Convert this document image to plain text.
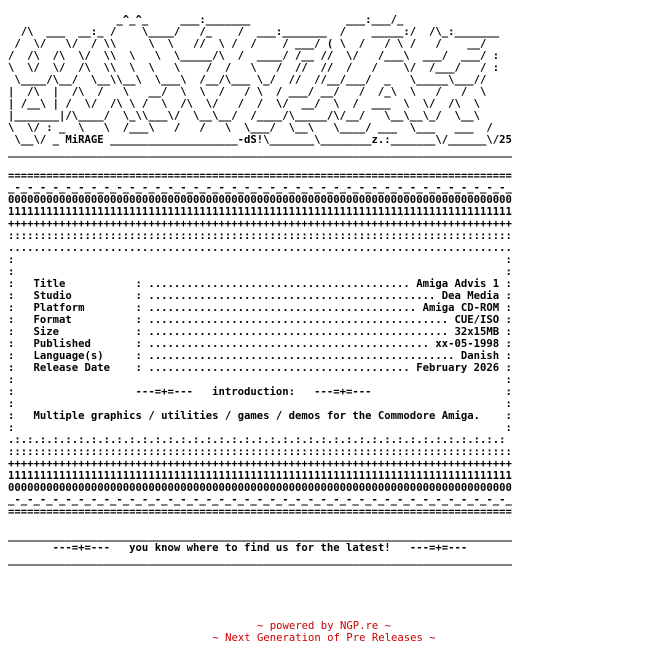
_^_^_     ___:_______               ___:___/_
/\  ___  __:_ /    \____/   /_    /  ___:_______  /    _____:/  /\_:_______
/  \/   \/  / \\     \  \   //  \ /  /    / ___/ ( \  /   / \ /   /    __/
/  /\  /\  \/  \\  \   \  \_____/\  /  ____/ /__ //  \/   /___\  ___/  ___/ :
\  \/  \/  /\  \\  \  \   \    /  /   \   /  //  //  /   /    \/  /___/   / :
\____/\__/  \__\\__\  \___\  /__/\___ \_/  //  //__/___/  _   \_____\___//
|  /\  |  /\  /   \   __/  \  \  /   / \  / ___/ __/   /  /_\  \   /   /  \
| /__\ | /  \/  /\ \ /  \  /\  \/   /  /  \/  __/  \  /  ___  \  \/  /\  \
|_______|/\____/  \_\\___\/  \__\__/  /____/\_____/\/__/   \__\__\_/  \__\
\  \/ : _  \   \  /___\   /   /   \  \___/  \__\   \____/ ___  \___   ___  /
\__\/ _ MiRAGE ____________________-dS!\_______\________z.:_______\/______\/25
_______________________________________________________________________________

===============================================================================
_-_-_-_-_-_-_-_-_-_-_-_-_-_-_-_-_-_-_-_-_-_-_-_-_-_-_-_-_-_-_-_-_-_-_-_-_-_-_-_
0000000000000000000000000000000000000000000000000000000000000000000000000000000
1111111111111111111111111111111111111111111111111111111111111111111111111111111
+++++++++++++++++++++++++++++++++++++++++++++++++++++++++++++++++++++++++++++++
:::::::::::::::::::::::::::::::::::::::::::::::::::::::::::::::::::::::::::::::
...............................................................................
:                                                                             :
:                                                                             :
:   Title           : ......................................... Amiga Advis 1 :
:   Studio          : ............................................. Dea Media :
:   Platform        : .......................................... Amiga CD-ROM :
:   Format          : ............................................... CUE/ISO :
:   Size            : ............................................... 32x15MB :
:   Published       : ............................................ xx-05-1998 :
:   Language(s)     : ................................................ Danish :
:   Release Date    : ......................................... February 2026 :
:                                                                             :
:                   ---=+=---   introduction:   ---=+=---                     :
:                                                                             :
:   Multiple graphics / utilities / games / demos for the Commodore Amiga.    :
:                                                                             :
.:.:.:.:.:.:.:.:.:.:.:.:.:.:.:.:.:.:.:.:.:.:.:.:.:.:.:.:.:.:.:.:.:.:.:.:.:.:.:
:::::::::::::::::::::::::::::::::::::::::::::::::::::::::::::::::::::::::::::::
+++++++++++++++++++++++++++++++++++++++++++++++++++++++++++++++++++++++++++++++
1111111111111111111111111111111111111111111111111111111111111111111111111111111
0000000000000000000000000000000000000000000000000000000000000000000000000000000
_-_-_-_-_-_-_-_-_-_-_-_-_-_-_-_-_-_-_-_-_-_-_-_-_-_-_-_-_-_-_-_-_-_-_-_-_-_-_-_
===============================================================================

_______________________________________________________________________________
---=+=---   you know where to find us for the latest!   ---=+=---
_______________________________________________________________________________

~ powered by NGP.re ~
~ Next Generation of Pre Releases ~
